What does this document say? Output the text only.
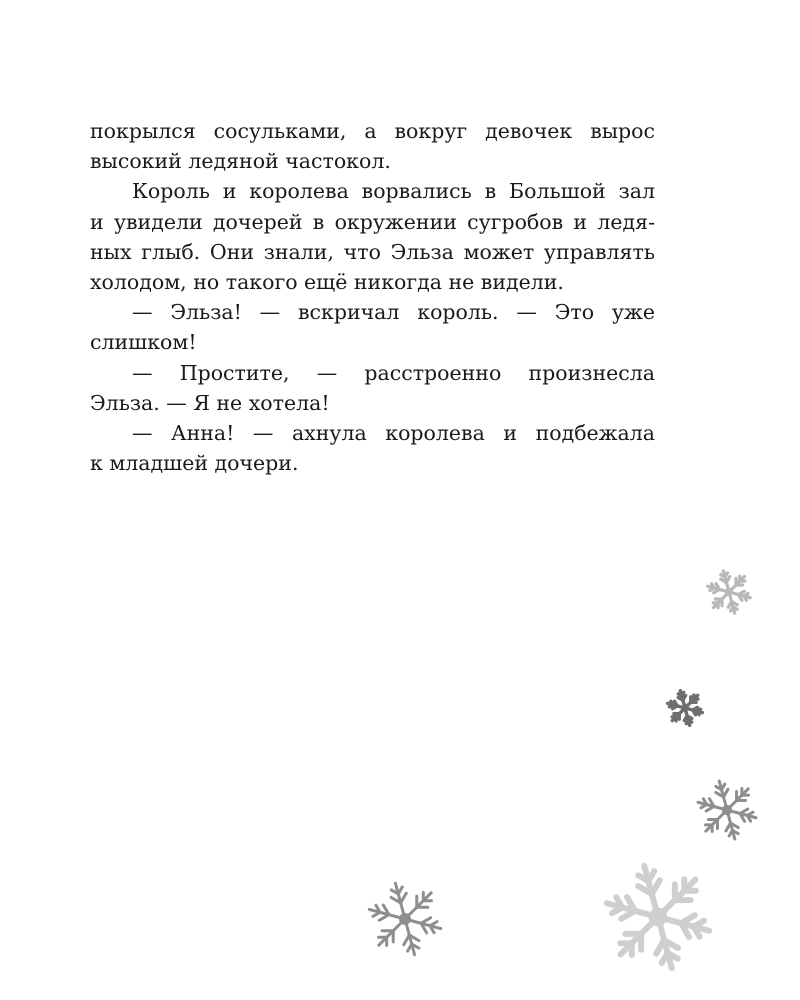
покрылся сосульками, а вокруг девочек вырос
высокий ледяной частокол.
Король и королева ворвались в Большой зал
и увидели дочерей в окружении сугробов и ледя-
ных глыб. Они знали, что Эльза может управлять
холодом, но такого ещё никогда не видели.
— Эльза! — вскричал король. — Это уже
слишком!
— Простите, — расстроенно произнесла
Эльза. — Я не хотела!
— Анна! — ахнула королева и подбежала
к младшей дочери.
